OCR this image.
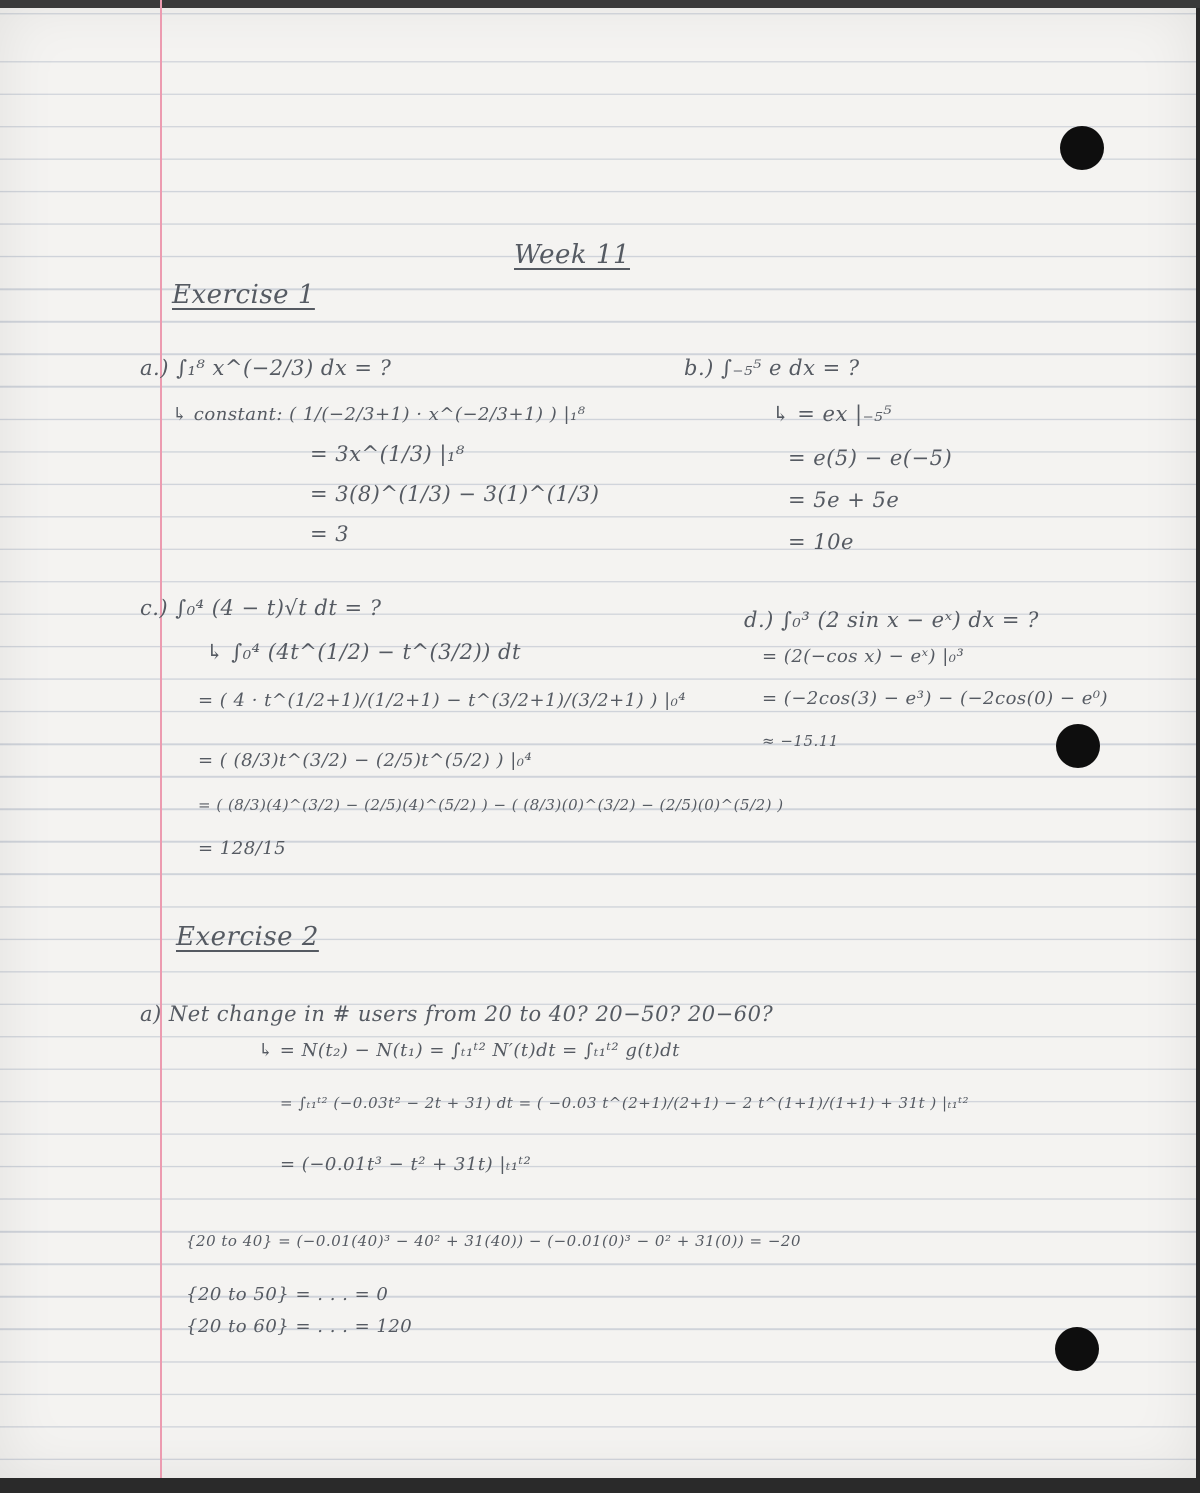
Week 11
Exercise 1
a.) ∫₁⁸ x^(−2/3) dx = ?
↳ constant: ( 1/(−2/3+1) · x^(−2/3+1) ) |₁⁸
= 3x^(1/3) |₁⁸
= 3(8)^(1/3) − 3(1)^(1/3)
= 3
b.) ∫₋₅⁵ e dx = ?
↳ = ex |₋₅⁵
= e(5) − e(−5)
= 5e + 5e
= 10e
c.) ∫₀⁴ (4 − t)√t dt = ?
↳ ∫₀⁴ (4t^(1/2) − t^(3/2)) dt
= ( 4 · t^(1/2+1)/(1/2+1) − t^(3/2+1)/(3/2+1) ) |₀⁴
= ( (8/3)t^(3/2) − (2/5)t^(5/2) ) |₀⁴
= ( (8/3)(4)^(3/2) − (2/5)(4)^(5/2) ) − ( (8/3)(0)^(3/2) − (2/5)(0)^(5/2) )
= 128/15
d.) ∫₀³ (2 sin x − eˣ) dx = ?
= (2(−cos x) − eˣ) |₀³
= (−2cos(3) − e³) − (−2cos(0) − e⁰)
≈ −15.11
Exercise 2
a) Net change in # users from 20 to 40? 20−50? 20−60?
↳ = N(t₂) − N(t₁) = ∫ₜ₁ᵗ² N′(t)dt = ∫ₜ₁ᵗ² g(t)dt
= ∫ₜ₁ᵗ² (−0.03t² − 2t + 31) dt = ( −0.03 t^(2+1)/(2+1) − 2 t^(1+1)/(1+1) + 31t ) |ₜ₁ᵗ²
= (−0.01t³ − t² + 31t) |ₜ₁ᵗ²
{20 to 40} = (−0.01(40)³ − 40² + 31(40)) − (−0.01(0)³ − 0² + 31(0)) = −20
{20 to 50} = . . . = 0
{20 to 60} = . . . = 120
